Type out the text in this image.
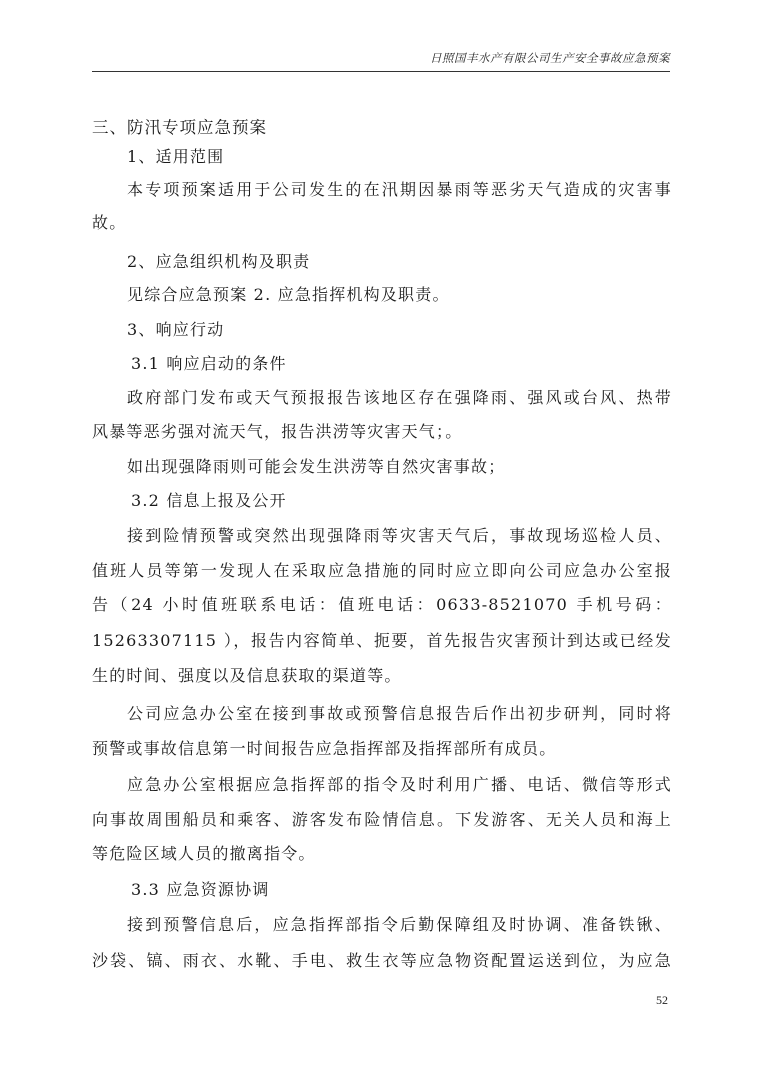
日照国丰水产有限公司生产安全事故应急预案
三、防汛专项应急预案
1、适用范围
本专项预案适用于公司发生的在汛期因暴雨等恶劣天气造成的灾害事
故。
2、应急组织机构及职责
见综合应急预案 2. 应急指挥机构及职责。
3、响应行动
3.1 响应启动的条件
政府部门发布或天气预报报告该地区存在强降雨、强风或台风、热带
风暴等恶劣强对流天气，报告洪涝等灾害天气；。
如出现强降雨则可能会发生洪涝等自然灾害事故；
3.2 信息上报及公开
接到险情预警或突然出现强降雨等灾害天气后，事故现场巡检人员、
值班人员等第一发现人在采取应急措施的同时应立即向公司应急办公室报
告（24 小时值班联系电话：值班电话：0633-8521070 手机号码：
15263307115 ），报告内容简单、扼要，首先报告灾害预计到达或已经发
生的时间、强度以及信息获取的渠道等。
公司应急办公室在接到事故或预警信息报告后作出初步研判，同时将
预警或事故信息第一时间报告应急指挥部及指挥部所有成员。
应急办公室根据应急指挥部的指令及时利用广播、电话、微信等形式
向事故周围船员和乘客、游客发布险情信息。下发游客、无关人员和海上
等危险区域人员的撤离指令。
3.3 应急资源协调
接到预警信息后，应急指挥部指令后勤保障组及时协调、准备铁锹、
沙袋、镐、雨衣、水靴、手电、救生衣等应急物资配置运送到位，为应急
52
